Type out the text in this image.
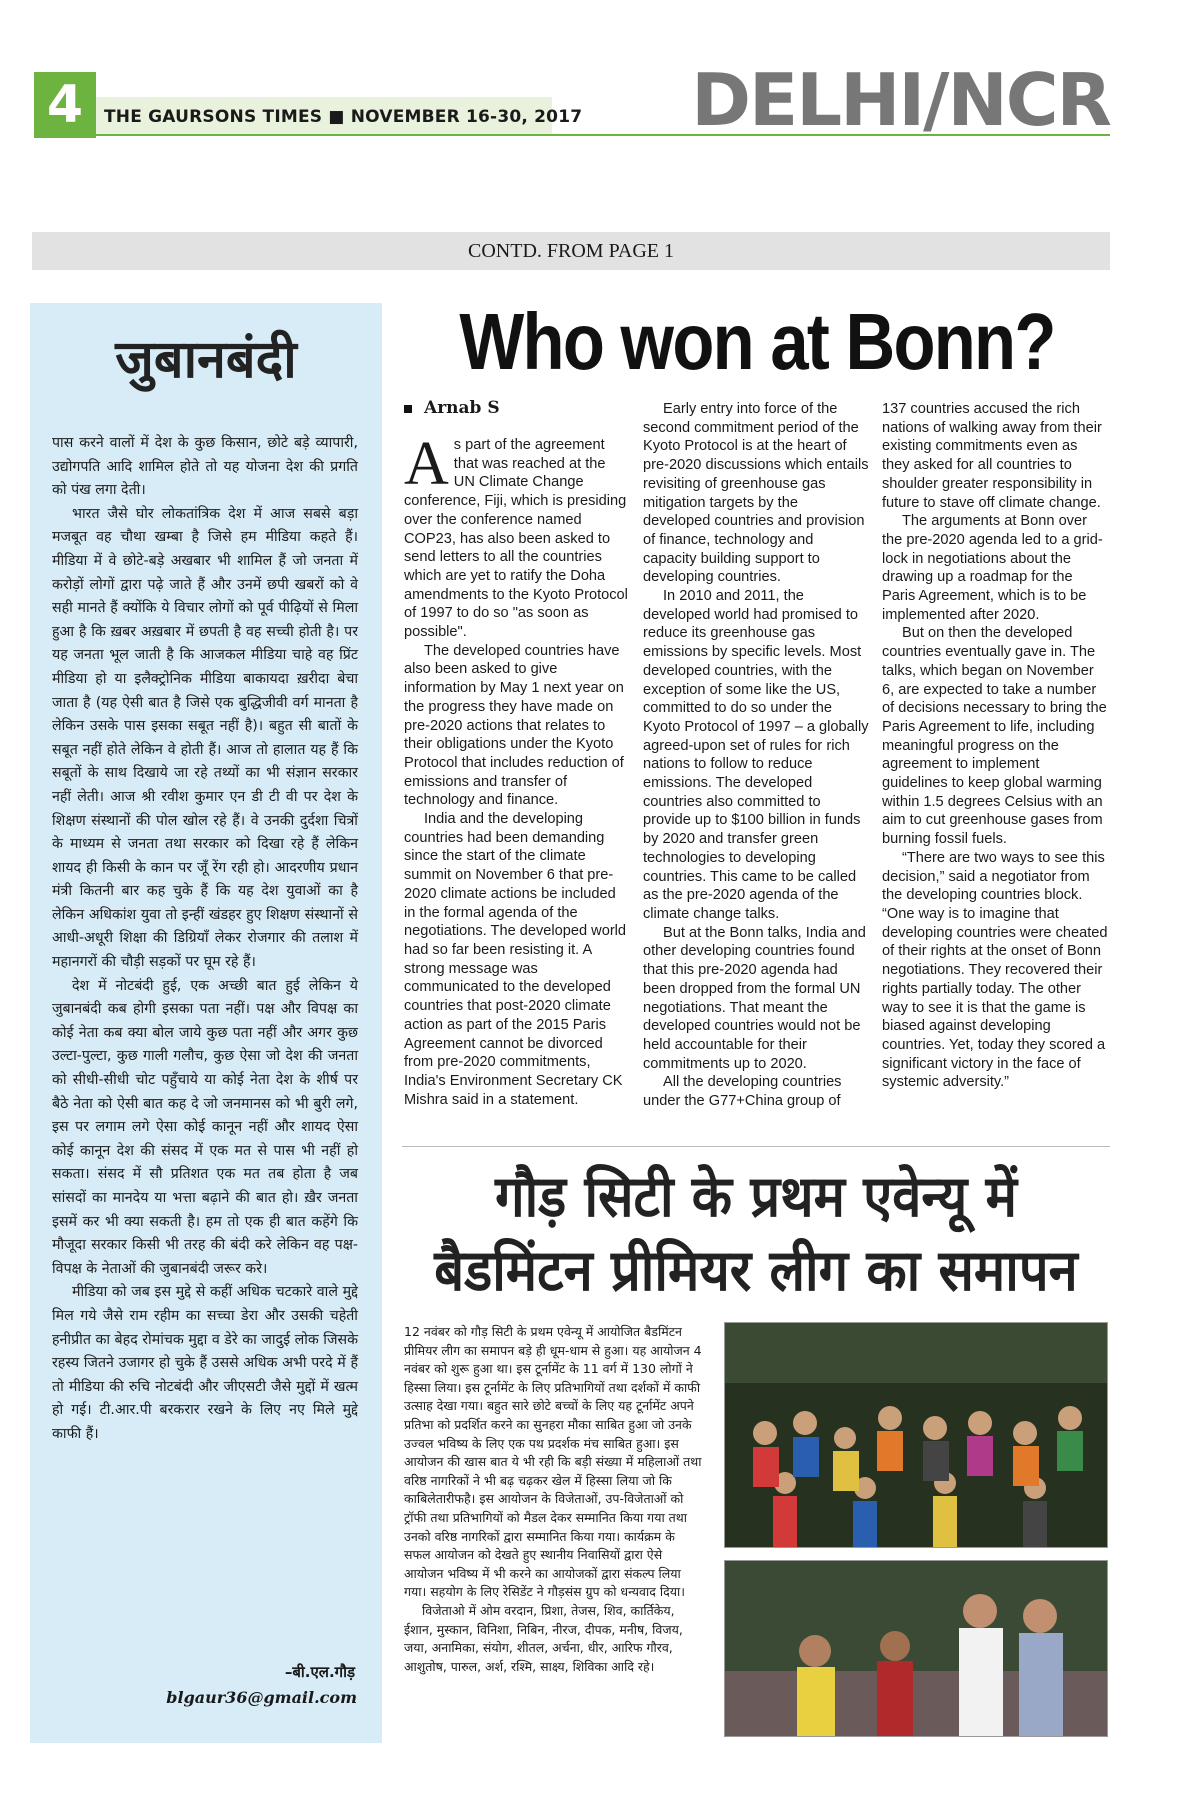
4	THE GAURSONS TIMES ■ NOVEMBER 16-30, 2017 DELHI/NCR
CONTD. FROM PAGE 1
जुबानबंदी

पास करने वालों में देश के कुछ किसान, छोटे बड़े व्यापारी, उद्योगपति आदि शामिल होते तो यह योजना देश की प्रगति को पंख लगा देती।

भारत जैसे घोर लोकतांत्रिक देश में आज सबसे बड़ा मजबूत वह चौथा खम्बा है जिसे हम मीडिया कहते हैं। मीडिया में वे छोटे-बड़े अखबार भी शामिल हैं जो जनता में करोड़ों लोगों द्वारा पढ़े जाते हैं और उनमें छपी खबरों को वे सही मानते हैं क्योंकि ये विचार लोगों को पूर्व पीढ़ियों से मिला हुआ है कि ख़बर अख़बार में छपती है वह सच्ची होती है। पर यह जनता भूल जाती है कि आजकल मीडिया चाहे वह प्रिंट मीडिया हो या इलैक्ट्रोनिक मीडिया बाकायदा ख़रीदा बेचा जाता है (यह ऐसी बात है जिसे एक बुद्धिजीवी वर्ग मानता है लेकिन उसके पास इसका सबूत नहीं है)। बहुत सी बातों के सबूत नहीं होते लेकिन वे होती हैं। आज तो हालात यह हैं कि सबूतों के साथ दिखाये जा रहे तथ्यों का भी संज्ञान सरकार नहीं लेती। आज श्री रवीश कुमार एन डी टी वी पर देश के शिक्षण संस्थानों की पोल खोल रहे हैं। वे उनकी दुर्दशा चित्रों के माध्यम से जनता तथा सरकार को दिखा रहे हैं लेकिन शायद ही किसी के कान पर जूँ रेंग रही हो। आदरणीय प्रधान मंत्री कितनी बार कह चुके हैं कि यह देश युवाओं का है लेकिन अधिकांश युवा तो इन्हीं खंडहर हुए शिक्षण संस्थानों से आधी-अधूरी शिक्षा की डिग्रियाँ लेकर रोजगार की तलाश में महानगरों की चौड़ी सड़कों पर घूम रहे हैं।

देश में नोटबंदी हुई, एक अच्छी बात हुई लेकिन ये जुबानबंदी कब होगी इसका पता नहीं। पक्ष और विपक्ष का कोई नेता कब क्या बोल जाये कुछ पता नहीं और अगर कुछ उल्टा-पुल्टा, कुछ गाली गलौच, कुछ ऐसा जो देश की जनता को सीधी-सीधी चोट पहुँचाये या कोई नेता देश के शीर्ष पर बैठे नेता को ऐसी बात कह दे जो जनमानस को भी बुरी लगे, इस पर लगाम लगे ऐसा कोई कानून नहीं और शायद ऐसा कोई कानून देश की संसद में एक मत से पास भी नहीं हो सकता। संसद में सौ प्रतिशत एक मत तब होता है जब सांसदों का मानदेय या भत्ता बढ़ाने की बात हो। ख़ैर जनता इसमें कर भी क्या सकती है। हम तो एक ही बात कहेंगे कि मौजूदा सरकार किसी भी तरह की बंदी करे लेकिन वह पक्ष-विपक्ष के नेताओं की जुबानबंदी जरूर करे।

मीडिया को जब इस मुद्दे से कहीं अधिक चटकारे वाले मुद्दे मिल गये जैसे राम रहीम का सच्चा डेरा और उसकी चहेती हनीप्रीत का बेहद रोमांचक मुद्दा व डेरे का जादुई लोक जिसके रहस्य जितने उजागर हो चुके हैं उससे अधिक अभी परदे में हैं तो मीडिया की रुचि नोटबंदी और जीएसटी जैसे मुद्दों में खत्म हो गई। टी.आर.पी बरकरार रखने के लिए नए मिले मुद्दे काफी हैं।

–बी.एल.गौड़
blgaur36@gmail.com
Who won at Bonn?
Arnab S

As part of the agreement that was reached at the UN Climate Change conference, Fiji, which is presiding over the conference named COP23, has also been asked to send letters to all the countries which are yet to ratify the Doha amendments to the Kyoto Protocol of 1997 to do so "as soon as possible".

The developed countries have also been asked to give information by May 1 next year on the progress they have made on pre-2020 actions that relates to their obligations under the Kyoto Protocol that includes reduction of emissions and transfer of technology and finance.

India and the developing countries had been demanding since the start of the climate summit on November 6 that pre-2020 climate actions be included in the formal agenda of the negotiations. The developed world had so far been resisting it. A strong message was communicated to the developed countries that post-2020 climate action as part of the 2015 Paris Agreement cannot be divorced from pre-2020 commitments, India's Environment Secretary CK Mishra said in a statement.

Early entry into force of the second commitment period of the Kyoto Protocol is at the heart of pre-2020 discussions which entails revisiting of greenhouse gas mitigation targets by the developed countries and provision of finance, technology and capacity building support to developing countries.

In 2010 and 2011, the developed world had promised to reduce its greenhouse gas emissions by specific levels. Most developed countries, with the exception of some like the US, committed to do so under the Kyoto Protocol of 1997 – a globally agreed-upon set of rules for rich nations to follow to reduce emissions. The developed countries also committed to provide up to $100 billion in funds by 2020 and transfer green technologies to developing countries. This came to be called as the pre-2020 agenda of the climate change talks.

But at the Bonn talks, India and other developing countries found that this pre-2020 agenda had been dropped from the formal UN negotiations. That meant the developed countries would not be held accountable for their commitments up to 2020.

All the developing countries under the G77+China group of

137 countries accused the rich nations of walking away from their existing commitments even as they asked for all countries to shoulder greater responsibility in future to stave off climate change.

The arguments at Bonn over the pre-2020 agenda led to a grid-lock in negotiations about the drawing up a roadmap for the Paris Agreement, which is to be implemented after 2020.

But on then the developed countries eventually gave in. The talks, which began on November 6, are expected to take a number of decisions necessary to bring the Paris Agreement to life, including meaningful progress on the agreement to implement guidelines to keep global warming within 1.5 degrees Celsius with an aim to cut greenhouse gases from burning fossil fuels.

“There are two ways to see this decision,” said a negotiator from the developing countries block. “One way is to imagine that developing countries were cheated of their rights at the onset of Bonn negotiations. They recovered their rights partially today. The other way to see it is that the game is biased against developing countries. Yet, today they scored a significant victory in the face of systemic adversity.”

गौड़ सिटी के प्रथम एवेन्यू में
बैडमिंटन प्रीमियर लीग का समापन

12 नवंबर को गौड़ सिटी के प्रथम एवेन्यू में आयोजित बैडमिंटन प्रीमियर लीग का समापन बड़े ही धूम-धाम से हुआ। यह आयोजन 4 नवंबर को शुरू हुआ था। इस टूर्नामेंट के 11 वर्ग में 130 लोगों ने हिस्सा लिया। इस टूर्नामेंट के लिए प्रतिभागियों तथा दर्शकों में काफी उत्साह देखा गया। बहुत सारे छोटे बच्चों के लिए यह टूर्नामेंट अपने प्रतिभा को प्रदर्शित करने का सुनहरा मौका साबित हुआ जो उनके उज्वल भविष्य के लिए एक पथ प्रदर्शक मंच साबित हुआ। इस आयोजन की खास बात ये भी रही कि बड़ी संख्या में महिलाओं तथा वरिष्ठ नागरिकों ने भी बढ़ चढ़कर खेल में हिस्सा लिया जो कि काबिलेतारीफहै। इस आयोजन के विजेताओं, उप-विजेताओं को ट्रॉफी तथा प्रतिभागियों को मैडल देकर सम्मानित किया गया तथा उनको वरिष्ठ नागरिकों द्वारा सम्मानित किया गया। कार्यक्रम के सफल आयोजन को देखते हुए स्थानीय निवासियों द्वारा ऐसे आयोजन भविष्य में भी करने का आयोजकों द्वारा संकल्प लिया गया। सहयोग के लिए रेसिडेंट ने गौड़संस ग्रुप को धन्यवाद दिया।

विजेताओ में ओम वरदान, प्रिशा, तेजस, शिव, कार्तिकेय, ईशान, मुस्कान, विनिशा, निबिन, नीरज, दीपक, मनीष, विजय, जया, अनामिका, संयोग, शीतल, अर्चना, धीर, आरिफ गौरव, आशुतोष, पारुल, अर्श, रश्मि, साक्ष्य, शिविका आदि रहे।
